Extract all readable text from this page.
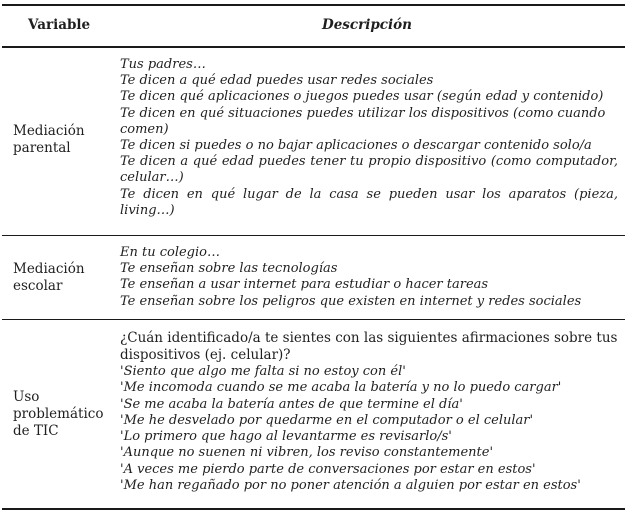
Variable	Descripción
Mediación
parental
Tus padres…
Te dicen a qué edad puedes usar redes sociales
Te dicen qué aplicaciones o juegos puedes usar (según edad y contenido)
Te dicen en qué situaciones puedes utilizar los dispositivos (como cuando comen)
Te dicen si puedes o no bajar aplicaciones o descargar contenido solo/a
Te dicen a qué edad puedes tener tu propio dispositivo (como computador, celular…)
Te dicen en qué lugar de la casa se pueden usar los aparatos (pieza, living…)
Mediación
escolar
En tu colegio…
Te enseñan sobre las tecnologías
Te enseñan a usar internet para estudiar o hacer tareas
Te enseñan sobre los peligros que existen en internet y redes sociales
Uso
problemático
de TIC
¿Cuán identificado/a te sientes con las siguientes afirmaciones sobre tus dispositivos (ej. celular)?
'Siento que algo me falta si no estoy con él'
'Me incomoda cuando se me acaba la batería y no lo puedo cargar'
'Se me acaba la batería antes de que termine el día'
'Me he desvelado por quedarme en el computador o el celular'
'Lo primero que hago al levantarme es revisarlo/s'
'Aunque no suenen ni vibren, los reviso constantemente'
'A veces me pierdo parte de conversaciones por estar en estos'
'Me han regañado por no poner atención a alguien por estar en estos'
